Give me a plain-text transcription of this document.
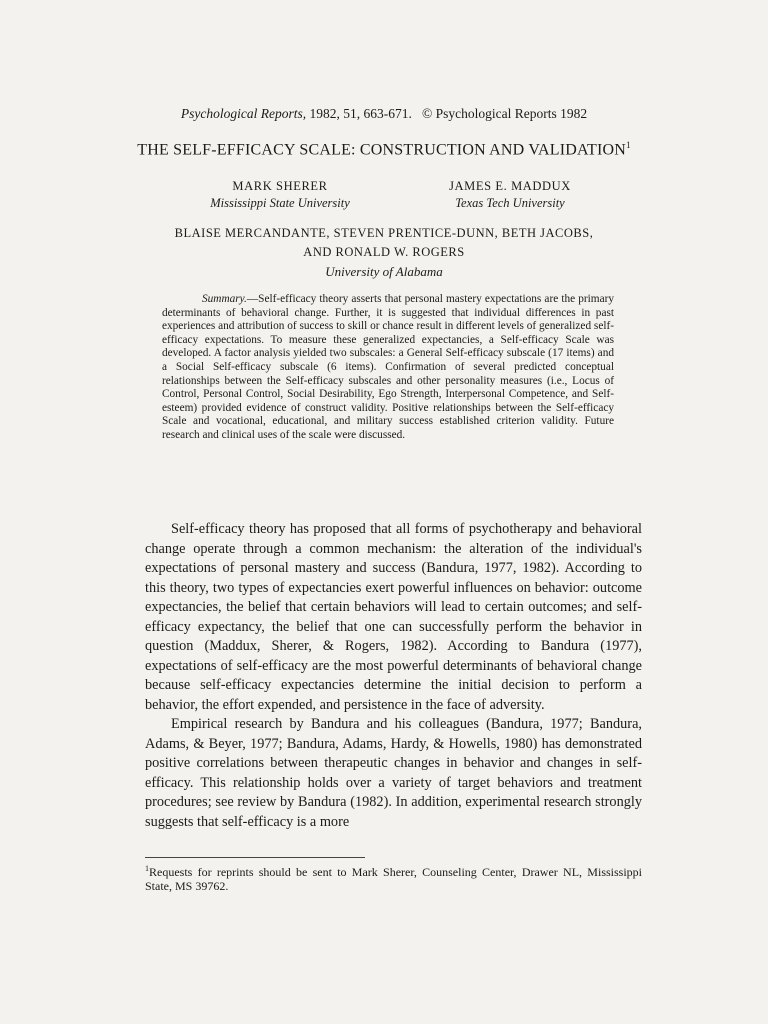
Psychological Reports, 1982, 51, 663-671. © Psychological Reports 1982
THE SELF-EFFICACY SCALE: CONSTRUCTION AND VALIDATION$^1$
MARK SHERER
Mississippi State University
JAMES E. MADDUX
Texas Tech University
BLAISE MERCANDANTE, STEVEN PRENTICE-DUNN, BETH JACOBS,
AND RONALD W. ROGERS
University of Alabama
Summary.—Self-efficacy theory asserts that personal mastery expectations are the primary determinants of behavioral change. Further, it is suggested that individual differences in past experiences and attribution of success to skill or chance result in different levels of generalized self-efficacy expectations. To measure these generalized expectancies, a Self-efficacy Scale was developed. A factor analysis yielded two subscales: a General Self-efficacy subscale (17 items) and a Social Self-efficacy subscale (6 items). Confirmation of several predicted conceptual relationships between the Self-efficacy subscales and other personality measures (i.e., Locus of Control, Personal Control, Social Desirability, Ego Strength, Interpersonal Competence, and Self-esteem) provided evidence of construct validity. Positive relationships between the Self-efficacy Scale and vocational, educational, and military success established criterion validity. Future research and clinical uses of the scale were discussed.

Self-efficacy theory has proposed that all forms of psychotherapy and behavioral change operate through a common mechanism: the alteration of the individual's expectations of personal mastery and success (Bandura, 1977, 1982). According to this theory, two types of expectancies exert powerful influences on behavior: outcome expectancies, the belief that certain behaviors will lead to certain outcomes; and self-efficacy expectancy, the belief that one can successfully perform the behavior in question (Maddux, Sherer, & Rogers, 1982). According to Bandura (1977), expectations of self-efficacy are the most powerful determinants of behavioral change because self-efficacy expectancies determine the initial decision to perform a behavior, the effort expended, and persistence in the face of adversity.

Empirical research by Bandura and his colleagues (Bandura, 1977; Bandura, Adams, & Beyer, 1977; Bandura, Adams, Hardy, & Howells, 1980) has demonstrated positive correlations between therapeutic changes in behavior and changes in self-efficacy. This relationship holds over a variety of target behaviors and treatment procedures; see review by Bandura (1982). In addition, experimental research strongly suggests that self-efficacy is a more

$^1$Requests for reprints should be sent to Mark Sherer, Counseling Center, Drawer NL, Mississippi State, MS 39762.
